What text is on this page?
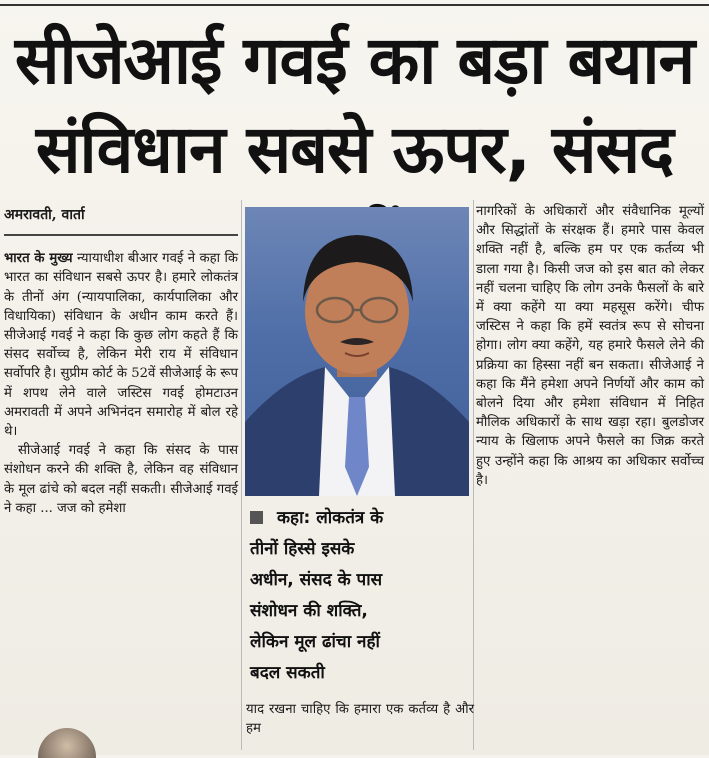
सीजेआई गवई का बड़ा बयान
संविधान सबसे ऊपर, संसद

अमरावती, वार्ता

भारत के मुख्य न्यायाधीश बीआर गवई ने कहा कि भारत का संविधान सबसे ऊपर है। हमारे लोकतंत्र के तीनों अंग (न्यायपालिका, कार्यपालिका और विधायिका) संविधान के अधीन काम करते हैं। सीजेआई गवई ने कहा कि कुछ लोग कहते हैं कि संसद सर्वोच्च है, लेकिन मेरी राय में संविधान सर्वोपरि है। सुप्रीम कोर्ट के 52वें सीजेआई के रूप में शपथ लेने वाले जस्टिस गवई होमटाउन अमरावती में अपने अभिनंदन समारोह में बोल रहे थे।

सीजेआई गवई ने कहा कि संसद के पास संशोधन करने की शक्ति है, लेकिन वह संविधान के मूल ढांचे को बदल नहीं सकती। सीजेआई गवई ने कहा ... जज को हमेशा	कहा: लोकतंत्र के
तीनों हिस्से इसके
अधीन, संसद के पास
संशोधन की शक्ति,
लेकिन मूल ढांचा नहीं
बदल सकती
याद रखना चाहिए कि हमारा एक कर्तव्य है और हम
नागरिकों के अधिकारों और संवैधानिक मूल्यों और सिद्धांतों के संरक्षक हैं। हमारे पास केवल शक्ति नहीं है, बल्कि हम पर एक कर्तव्य भी डाला गया है। किसी जज को इस बात को लेकर नहीं चलना चाहिए कि लोग उनके फैसलों के बारे में क्या कहेंगे या क्या महसूस करेंगे। चीफ जस्टिस ने कहा कि हमें स्वतंत्र रूप से सोचना होगा। लोग क्या कहेंगे, यह हमारे फैसले लेने की प्रक्रिया का हिस्सा नहीं बन सकता। सीजेआई ने कहा कि मैंने हमेशा अपने निर्णयों और काम को बोलने दिया और हमेशा संविधान में निहित मौलिक अधिकारों के साथ खड़ा रहा। बुलडोजर न्याय के खिलाफ अपने फैसले का जिक्र करते हुए उन्होंने कहा कि आश्रय का अधिकार सर्वोच्च है।
